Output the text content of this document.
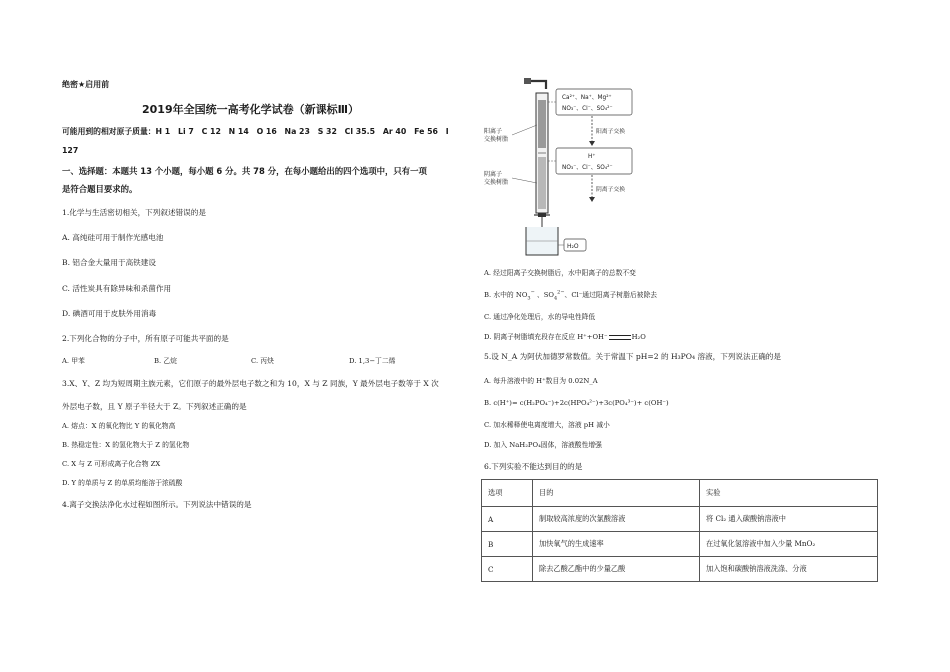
绝密★启用前
2019年全国统一高考化学试卷（新课标Ⅲ）
可能用到的相对原子质量：H 1　Li 7　C 12　N 14　O 16　Na 23　S 32　Cl 35.5　Ar 40　Fe 56　I
127
一、选择题：本题共 13 个小题，每小题 6 分。共 78 分，在每小题给出的四个选项中，只有一项
是符合题目要求的。
1.化学与生活密切相关，下列叙述错误的是
A. 高纯硅可用于制作光感电池
B. 铝合金大量用于高铁建设
C. 活性炭具有除异味和杀菌作用
D. 碘酒可用于皮肤外用消毒
2.下列化合物的分子中，所有原子可能共平面的是
A. 甲苯	B. 乙烷	C. 丙炔	D. 1,3−丁二烯
3.X、Y、Z 均为短周期主族元素，它们原子的最外层电子数之和为 10，X 与 Z 同族，Y 最外层电子数等于 X 次
外层电子数，且 Y 原子半径大于 Z。下列叙述正确的是
A. 熔点：X 的氧化物比 Y 的氧化物高
B. 热稳定性：X 的氢化物大于 Z 的氢化物
C. X 与 Z 可形成离子化合物 ZX
D. Y 的单质与 Z 的单质均能溶于浓硫酸
4.离子交换法净化水过程如图所示。下列说法中错误的是
阳离子
交换树脂
阴离子
交换树脂
Ca²⁺、Na⁺、Mg²⁺
NO₃⁻、Cl⁻、SO₄²⁻
阳离子交换
H⁺
NO₃⁻、Cl⁻、SO₄²⁻
阴离子交换
H₂O
A. 经过阳离子交换树脂后，水中阳离子的总数不变
B. 水中的 $NO_3^-$ 、$SO_4^{2-}$、Cl⁻通过阳离子树脂后被除去
C. 通过净化处理后，水的导电性降低
D. 阴离子树脂填充段存在反应 H⁺+OH⁻	H₂O
5.设 N_A 为阿伏加德罗常数值。关于常温下 pH=2 的 H₃PO₄ 溶液，下列说法正确的是
A. 每升溶液中的 H⁺数目为 0.02N_A
B. c(H⁺)= c(H₂PO₄⁻)+2c(HPO₄²⁻)+3c(PO₄³⁻)+ c(OH⁻)
C. 加水稀释使电离度增大，溶液 pH 减小
D. 加入 NaH₂PO₄固体，溶液酸性增强
6.下列实验不能达到目的的是
选项	目的	实验
A	制取较高浓度的次氯酸溶液	将 Cl₂ 通入碳酸钠溶液中
B	加快氧气的生成速率	在过氧化氢溶液中加入少量 MnO₂
C	除去乙酸乙酯中的少量乙酸	加入饱和碳酸钠溶液洗涤、分液
